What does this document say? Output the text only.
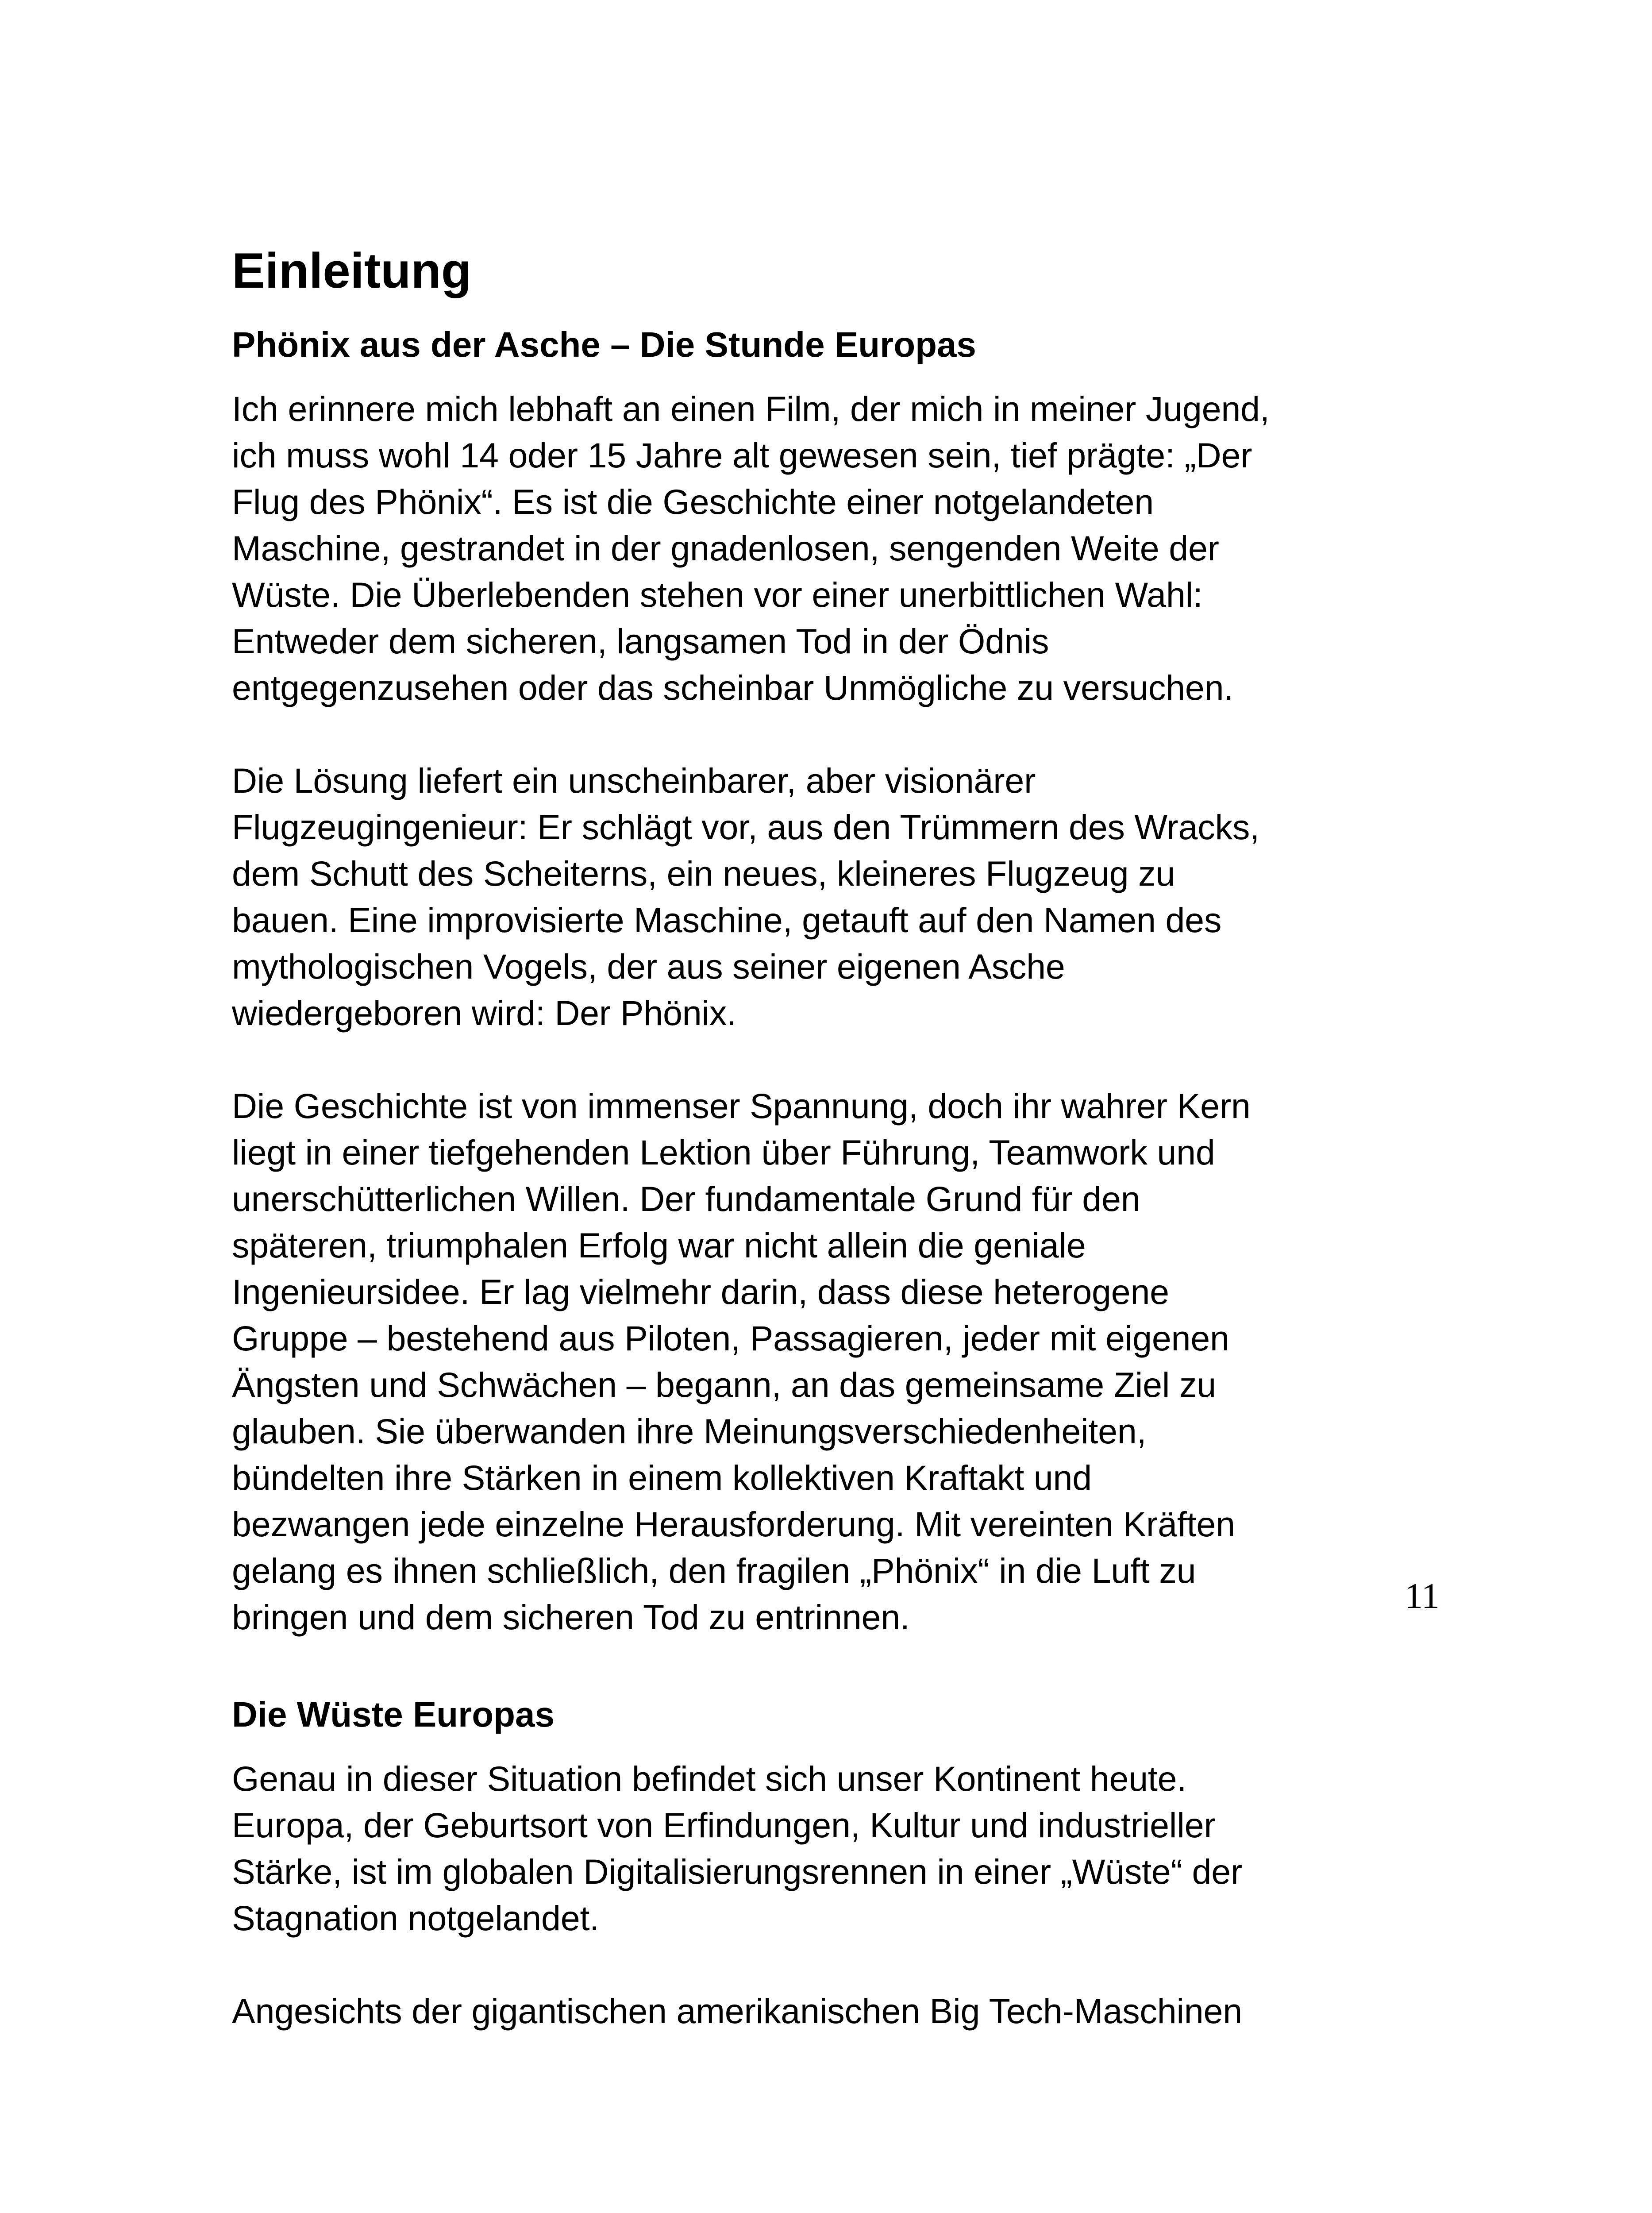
Einleitung
Phönix aus der Asche – Die Stunde Europas

Ich erinnere mich lebhaft an einen Film, der mich in meiner Jugend,
ich muss wohl 14 oder 15 Jahre alt gewesen sein, tief prägte: „Der
Flug des Phönix“. Es ist die Geschichte einer notgelandeten
Maschine, gestrandet in der gnadenlosen, sengenden Weite der
Wüste. Die Überlebenden stehen vor einer unerbittlichen Wahl:
Entweder dem sicheren, langsamen Tod in der Ödnis
entgegenzusehen oder das scheinbar Unmögliche zu versuchen.

Die Lösung liefert ein unscheinbarer, aber visionärer
Flugzeugingenieur: Er schlägt vor, aus den Trümmern des Wracks,
dem Schutt des Scheiterns, ein neues, kleineres Flugzeug zu
bauen. Eine improvisierte Maschine, getauft auf den Namen des
mythologischen Vogels, der aus seiner eigenen Asche
wiedergeboren wird: Der Phönix.

Die Geschichte ist von immenser Spannung, doch ihr wahrer Kern
liegt in einer tiefgehenden Lektion über Führung, Teamwork und
unerschütterlichen Willen. Der fundamentale Grund für den
späteren, triumphalen Erfolg war nicht allein die geniale
Ingenieursidee. Er lag vielmehr darin, dass diese heterogene
Gruppe – bestehend aus Piloten, Passagieren, jeder mit eigenen
Ängsten und Schwächen – begann, an das gemeinsame Ziel zu
glauben. Sie überwanden ihre Meinungsverschiedenheiten,
bündelten ihre Stärken in einem kollektiven Kraftakt und
bezwangen jede einzelne Herausforderung. Mit vereinten Kräften
gelang es ihnen schließlich, den fragilen „Phönix“ in die Luft zu
bringen und dem sicheren Tod zu entrinnen.

Die Wüste Europas

Genau in dieser Situation befindet sich unser Kontinent heute.
Europa, der Geburtsort von Erfindungen, Kultur und industrieller
Stärke, ist im globalen Digitalisierungsrennen in einer „Wüste“ der
Stagnation notgelandet.

Angesichts der gigantischen amerikanischen Big Tech-Maschinen

11
